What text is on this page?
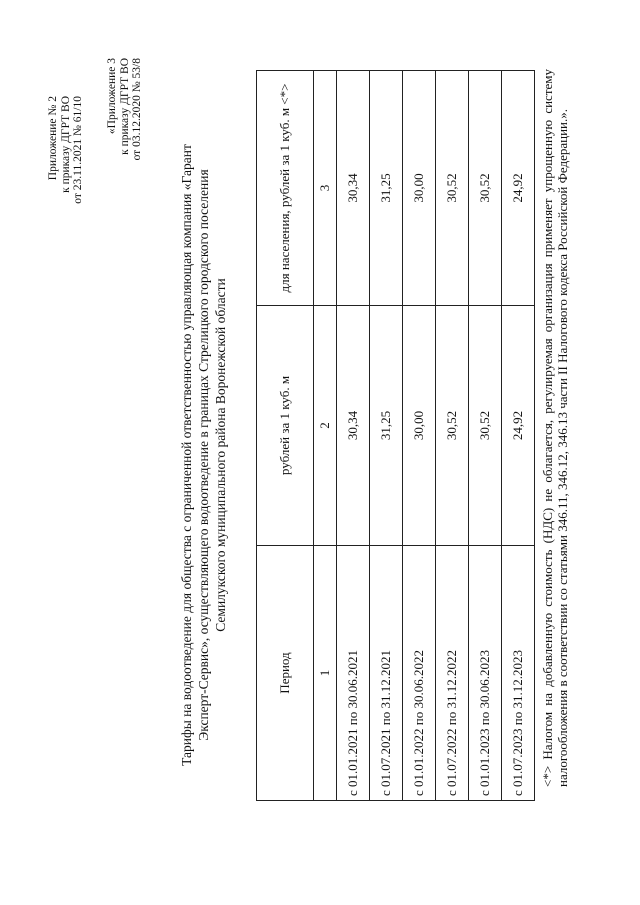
Приложение № 2 к приказу ДГРТ ВО от 23.11.2021 № 61/10 «Приложение 3 к приказу ДГРТ ВО от 03.12.2020 № 53/8
Тарифы на водоотведение для общества с ограниченной ответственностью управляющая компания «Гарант Эксперт-Сервис», осуществляющего водоотведение в границах Стрелицкого городского поселения Семилукского муниципального района Воронежской области
Период	рублей за 1 куб. м	для населения, рублей за 1 куб. м <*>
1	2	3
с 01.01.2021 по 30.06.2021	30,34	30,34
с 01.07.2021 по 31.12.2021	31,25	31,25
с 01.01.2022 по 30.06.2022	30,00	30,00
с 01.07.2022 по 31.12.2022	30,52	30,52
с 01.01.2023 по 30.06.2023	30,52	30,52
с 01.07.2023 по 31.12.2023	24,92	24,92 <*> Налогом на добавленную стоимость (НДС) не облагается, регулируемая организация применяет упрощенную систему налогообложения в соответствии со статьями 346.11, 346.12, 346.13 части II Налогового кодекса Российской Федерации.».
